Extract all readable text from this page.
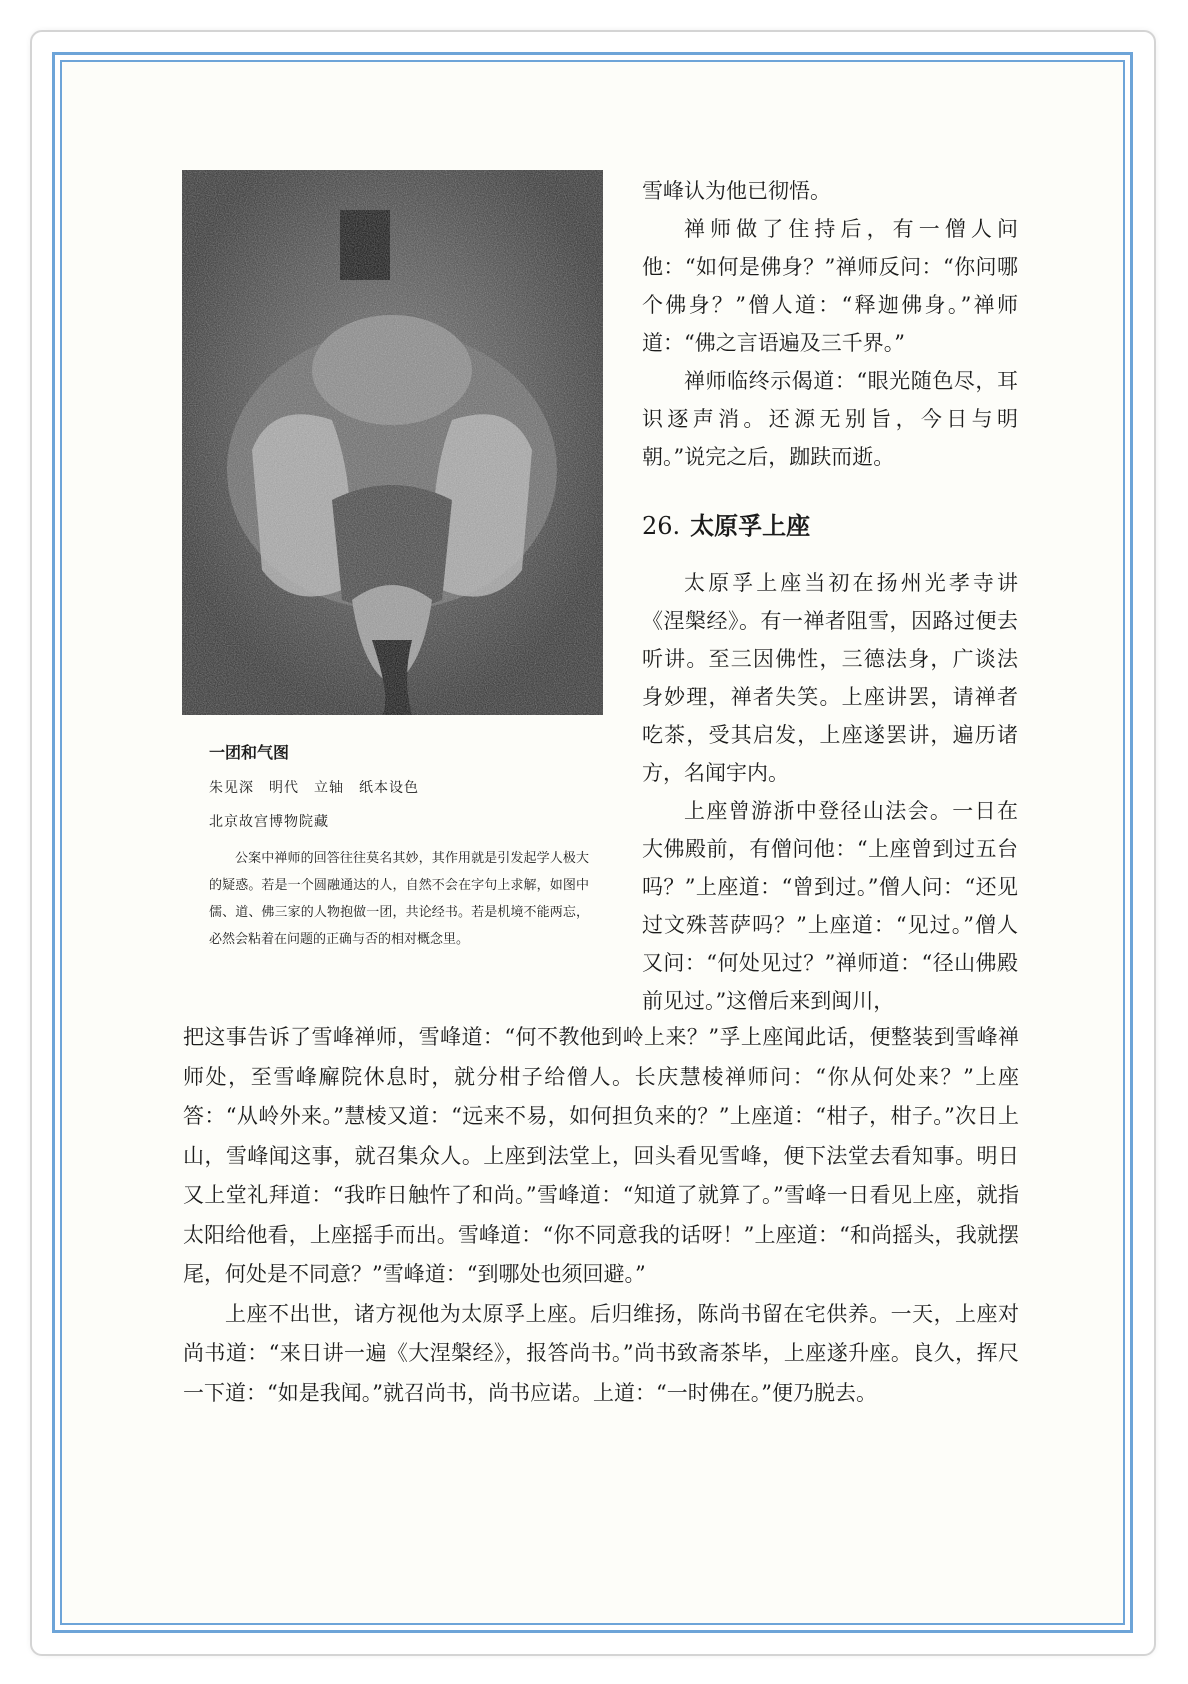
一团和气图

朱见深　明代　立轴　纸本设色

北京故宫博物院藏

公案中禅师的回答往往莫名其妙，其作用就是引发起学人极大的疑惑。若是一个圆融通达的人，自然不会在字句上求解，如图中儒、道、佛三家的人物抱做一团，共论经书。若是机境不能两忘，必然会粘着在问题的正确与否的相对概念里。

雪峰认为他已彻悟。

禅师做了住持后，有一僧人问他：“如何是佛身？”禅师反问：“你问哪个佛身？”僧人道：“释迦佛身。”禅师道：“佛之言语遍及三千界。”

禅师临终示偈道：“眼光随色尽，耳识逐声消。还源无别旨，今日与明朝。”说完之后，跏趺而逝。

26. 太原孚上座

太原孚上座当初在扬州光孝寺讲《涅槃经》。有一禅者阻雪，因路过便去听讲。至三因佛性，三德法身，广谈法身妙理，禅者失笑。上座讲罢，请禅者吃茶，受其启发，上座遂罢讲，遍历诸方，名闻宇内。

上座曾游浙中登径山法会。一日在大佛殿前，有僧问他：“上座曾到过五台吗？”上座道：“曾到过。”僧人问：“还见过文殊菩萨吗？”上座道：“见过。”僧人又问：“何处见过？”禅师道：“径山佛殿前见过。”这僧后来到闽川，

把这事告诉了雪峰禅师，雪峰道：“何不教他到岭上来？”孚上座闻此话，便整装到雪峰禅师处，至雪峰廨院休息时，就分柑子给僧人。长庆慧棱禅师问：“你从何处来？”上座答：“从岭外来。”慧棱又道：“远来不易，如何担负来的？”上座道：“柑子，柑子。”次日上山，雪峰闻这事，就召集众人。上座到法堂上，回头看见雪峰，便下法堂去看知事。明日又上堂礼拜道：“我昨日触忤了和尚。”雪峰道：“知道了就算了。”雪峰一日看见上座，就指太阳给他看，上座摇手而出。雪峰道：“你不同意我的话呀！”上座道：“和尚摇头，我就摆尾，何处是不同意？”雪峰道：“到哪处也须回避。”

上座不出世，诸方视他为太原孚上座。后归维扬，陈尚书留在宅供养。一天，上座对尚书道：“来日讲一遍《大涅槃经》，报答尚书。”尚书致斋茶毕，上座遂升座。良久，挥尺一下道：“如是我闻。”就召尚书，尚书应诺。上道：“一时佛在。”便乃脱去。
